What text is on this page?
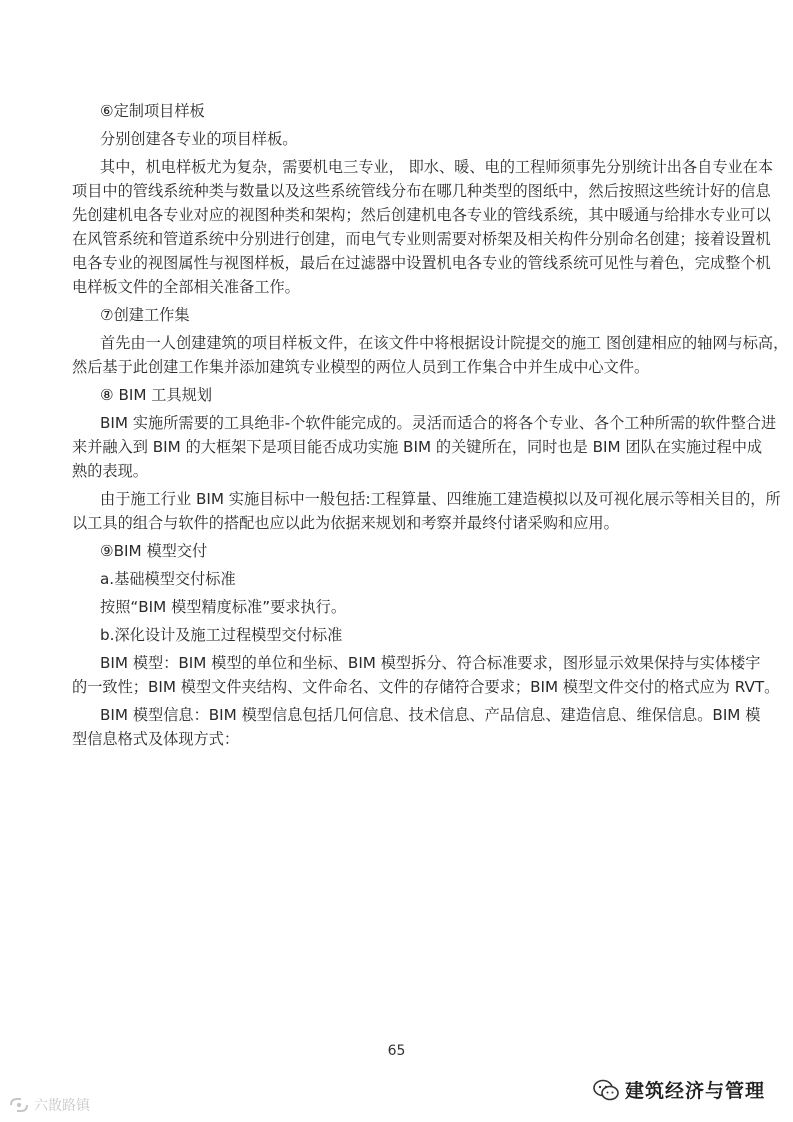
⑥定制项目样板
分别创建各专业的项目样板。
其中，机电样板尤为复杂，需要机电三专业， 即水、暖、电的工程师须事先分别统计出各自专业在本
项目中的管线系统种类与数量以及这些系统管线分布在哪几种类型的图纸中，然后按照这些统计好的信息
先创建机电各专业对应的视图种类和架构；然后创建机电各专业的管线系统，其中暖通与给排水专业可以
在风管系统和管道系统中分别进行创建，而电气专业则需要对桥架及相关构件分别命名创建；接着设置机
电各专业的视图属性与视图样板，最后在过滤器中设置机电各专业的管线系统可见性与着色，完成整个机
电样板文件的全部相关准备工作。
⑦创建工作集
首先由一人创建建筑的项目样板文件，在该文件中将根据设计院提交的施工 图创建相应的轴网与标高，
然后基于此创建工作集并添加建筑专业模型的两位人员到工作集合中并生成中心文件。
⑧ BIM 工具规划
BIM 实施所需要的工具绝非-个软件能完成的。灵活而适合的将各个专业、各个工种所需的软件整合进
来并融入到 BIM 的大框架下是项目能否成功实施 BIM 的关键所在，同时也是 BIM 团队在实施过程中成
熟的表现。
由于施工行业 BIM 实施目标中一般包括:工程算量、四维施工建造模拟以及可视化展示等相关目的，所
以工具的组合与软件的搭配也应以此为依据来规划和考察并最终付诸采购和应用。
⑨BIM 模型交付
a.基础模型交付标准
按照“BIM 模型精度标准”要求执行。
b.深化设计及施工过程模型交付标准
BIM 模型：BIM 模型的单位和坐标、BIM 模型拆分、符合标准要求，图形显示效果保持与实体楼宇
的一致性；BIM 模型文件夹结构、文件命名、文件的存储符合要求；BIM 模型文件交付的格式应为 RVT。
BIM 模型信息：BIM 模型信息包括几何信息、技术信息、产品信息、建造信息、维保信息。BIM 模
型信息格式及体现方式：
65
建筑经济与管理
六㪚路镇
